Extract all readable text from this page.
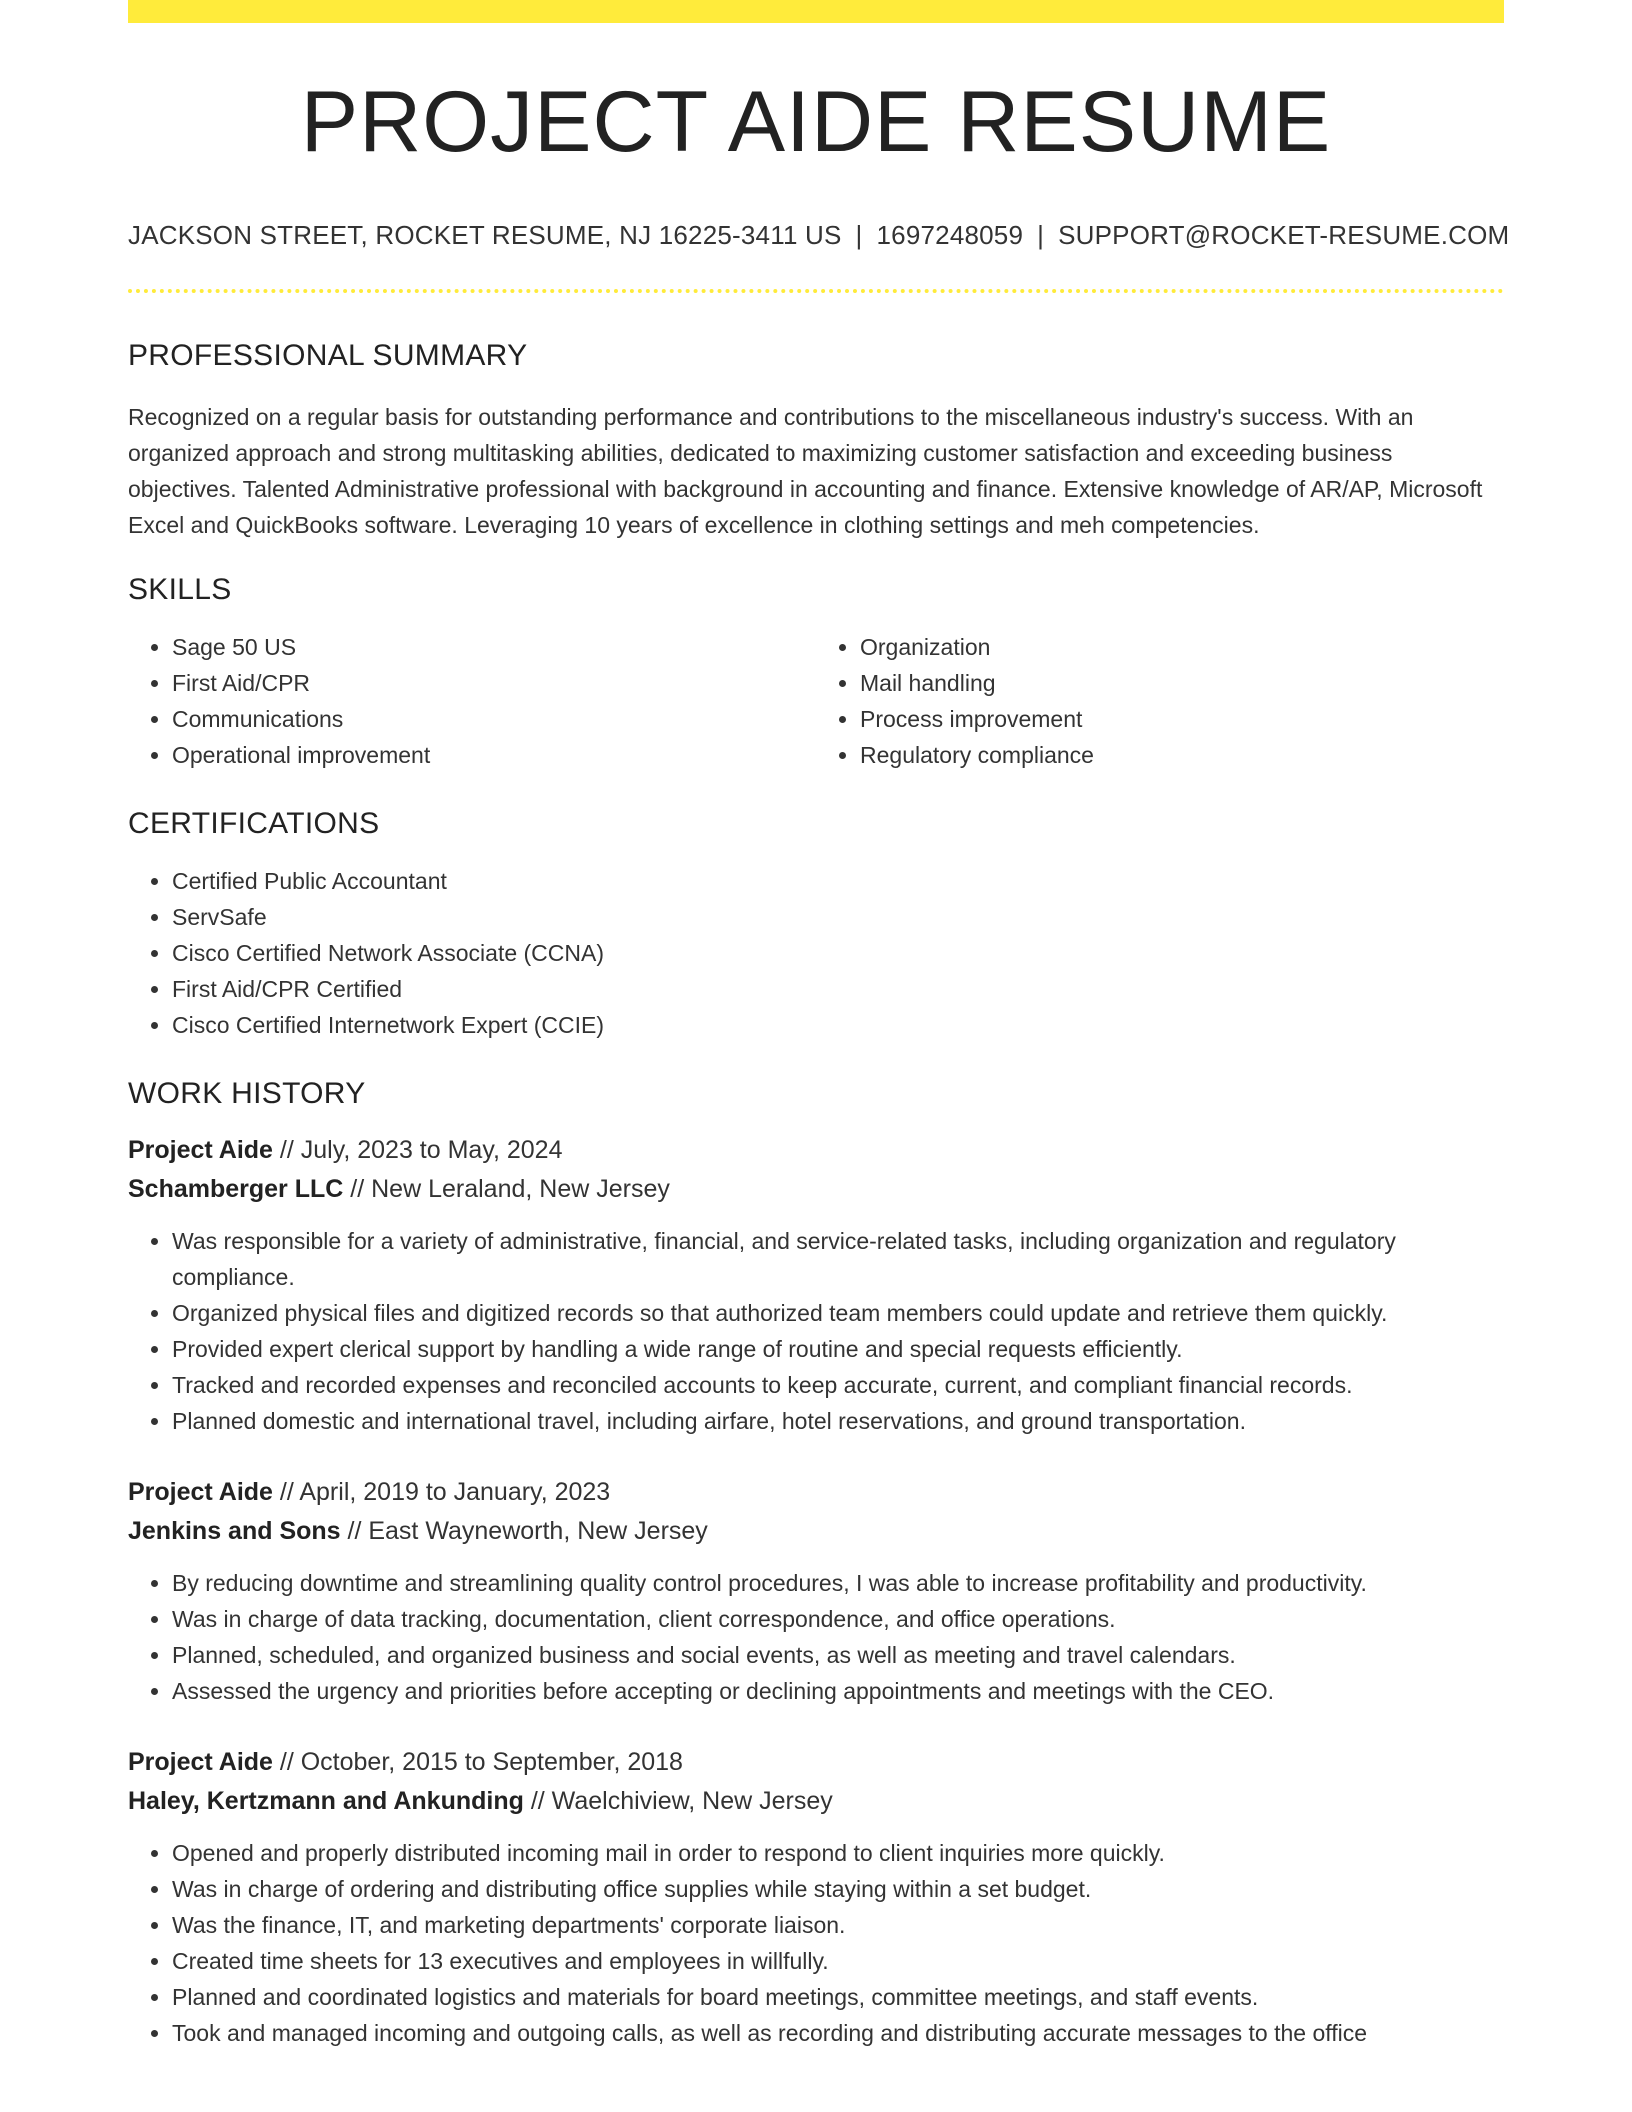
PROJECT AIDE RESUME
JACKSON STREET, ROCKET RESUME, NJ 16225-3411 US | 1697248059 | SUPPORT@ROCKET-RESUME.COM
PROFESSIONAL SUMMARY

Recognized on a regular basis for outstanding performance and contributions to the miscellaneous industry's success. With an organized approach and strong multitasking abilities, dedicated to maximizing customer satisfaction and exceeding business objectives. Talented Administrative professional with background in accounting and finance. Extensive knowledge of AR/AP, Microsoft Excel and QuickBooks software. Leveraging 10 years of excellence in clothing settings and meh competencies.

SKILLS
• Sage 50 US
• First Aid/CPR
• Communications
• Operational improvement
• Organization
• Mail handling
• Process improvement
• Regulatory compliance
CERTIFICATIONS
• Certified Public Accountant
• ServSafe
• Cisco Certified Network Associate (CCNA)
• First Aid/CPR Certified
• Cisco Certified Internetwork Expert (CCIE)
WORK HISTORY
Project Aide // July, 2023 to May, 2024
Schamberger LLC // New Leraland, New Jersey
• Was responsible for a variety of administrative, financial, and service-related tasks, including organization and regulatory compliance.
• Organized physical files and digitized records so that authorized team members could update and retrieve them quickly.
• Provided expert clerical support by handling a wide range of routine and special requests efficiently.
• Tracked and recorded expenses and reconciled accounts to keep accurate, current, and compliant financial records.
• Planned domestic and international travel, including airfare, hotel reservations, and ground transportation.
Project Aide // April, 2019 to January, 2023
Jenkins and Sons // East Wayneworth, New Jersey
• By reducing downtime and streamlining quality control procedures, I was able to increase profitability and productivity.
• Was in charge of data tracking, documentation, client correspondence, and office operations.
• Planned, scheduled, and organized business and social events, as well as meeting and travel calendars.
• Assessed the urgency and priorities before accepting or declining appointments and meetings with the CEO.
Project Aide // October, 2015 to September, 2018
Haley, Kertzmann and Ankunding // Waelchiview, New Jersey
• Opened and properly distributed incoming mail in order to respond to client inquiries more quickly.
• Was in charge of ordering and distributing office supplies while staying within a set budget.
• Was the finance, IT, and marketing departments' corporate liaison.
• Created time sheets for 13 executives and employees in willfully.
• Planned and coordinated logistics and materials for board meetings, committee meetings, and staff events.
• Took and managed incoming and outgoing calls, as well as recording and distributing accurate messages to the office
